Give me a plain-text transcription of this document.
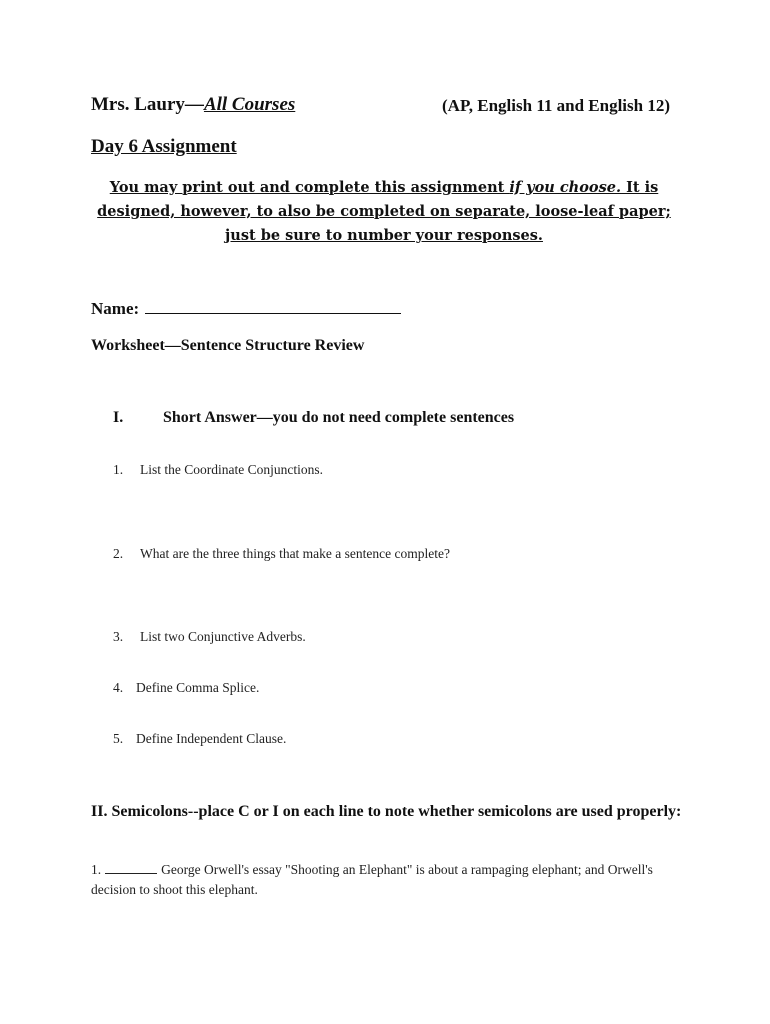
Mrs. Laury—All Courses	(AP, English 11 and English 12)
Day 6 Assignment
You may print out and complete this assignment if you choose. It is designed, however, to also be completed on separate, loose-leaf paper; just be sure to number your responses.
Name:
Worksheet—Sentence Structure Review
I. Short Answer—you do not need complete sentences
1. List the Coordinate Conjunctions.
2. What are the three things that make a sentence complete?
3. List two Conjunctive Adverbs.
4. Define Comma Splice.
5. Define Independent Clause.
II. Semicolons--place C or I on each line to note whether semicolons are used properly:
1.	George Orwell's essay "Shooting an Elephant" is about a rampaging elephant; and Orwell's decision to shoot this elephant.
